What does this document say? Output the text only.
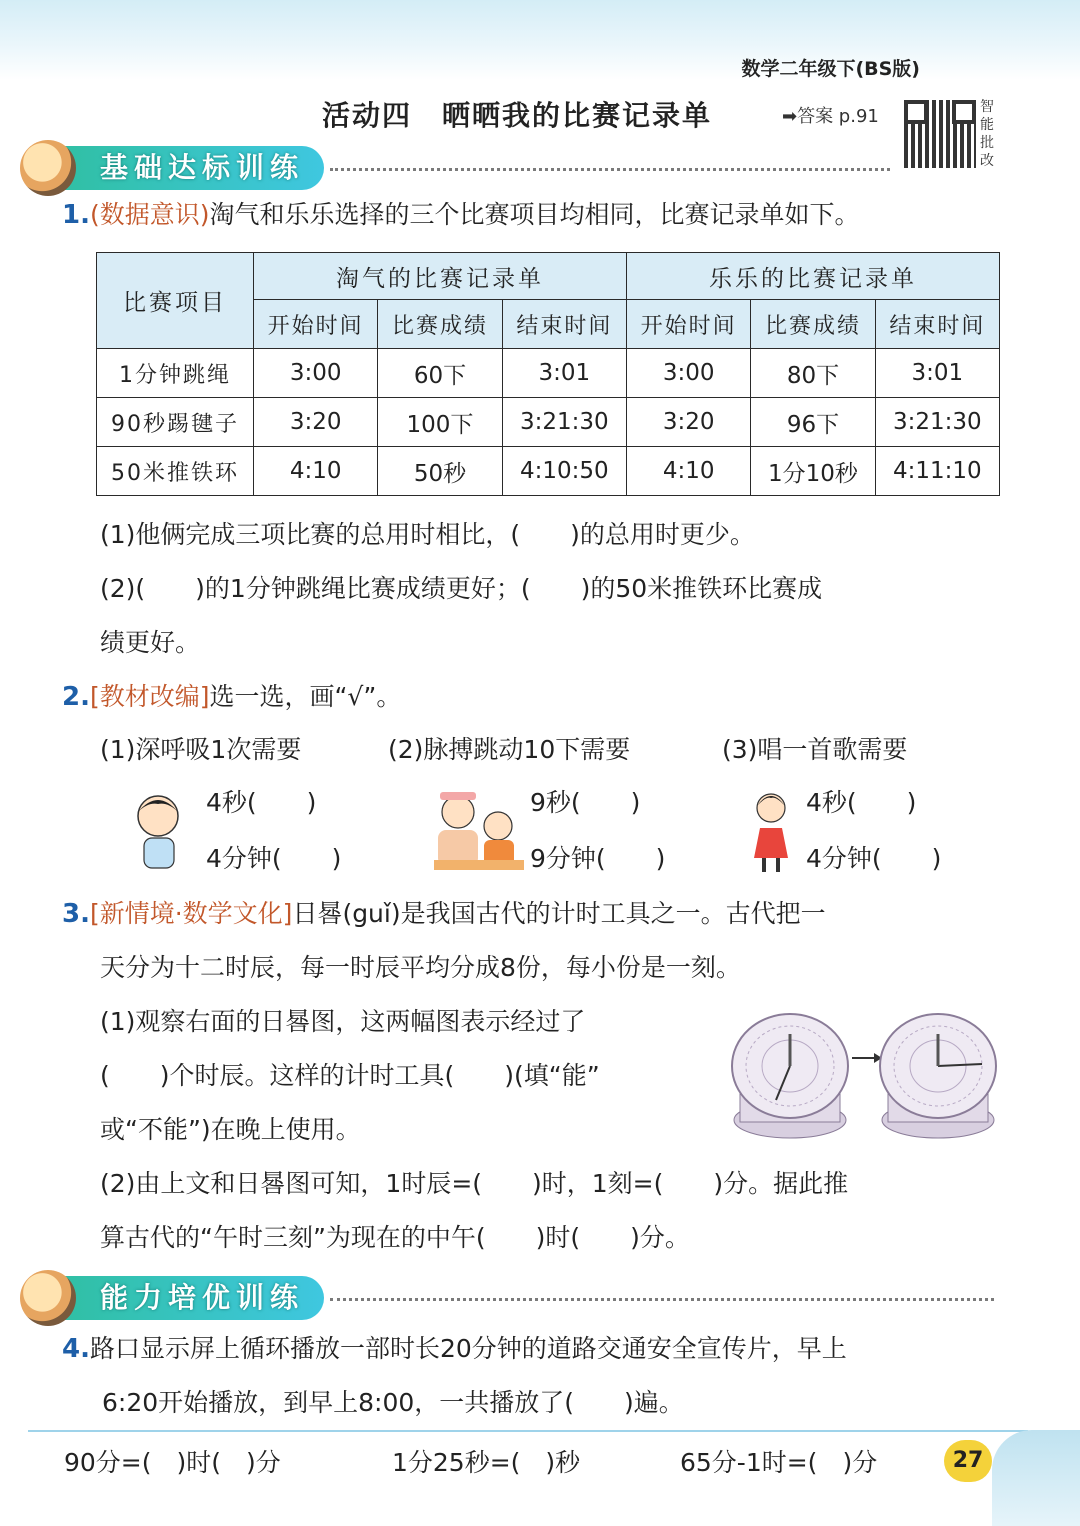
数学二年级下(BS版)
活动四　晒晒我的比赛记录单	➡答案 p.91	智能批改
基础达标训练
1.(数据意识)淘气和乐乐选择的三个比赛项目均相同，比赛记录单如下。
比赛项目	淘气的比赛记录单			乐乐的比赛记录单		
	开始时间	比赛成绩	结束时间	开始时间	比赛成绩	结束时间
1分钟跳绳	3:00	60下	3:01	3:00	80下	3:01
90秒踢毽子	3:20	100下	3:21:30	3:20	96下	3:21:30
50米推铁环	4:10	50秒	4:10:50	4:10	1分10秒	4:11:10
(1)他俩完成三项比赛的总用时相比，(　　)的总用时更少。
(2)(　　)的1分钟跳绳比赛成绩更好；(　　)的50米推铁环比赛成
绩更好。
2.[教材改编]选一选，画“√”。
(1)深呼吸1次需要	(2)脉搏跳动10下需要	(3)唱一首歌需要
4秒(　　)
4分钟(　　)
9秒(　　)
9分钟(　　)
4秒(　　)
4分钟(　　)
3.[新情境·数学文化]日晷(guǐ)是我国古代的计时工具之一。古代把一
天分为十二时辰，每一时辰平均分成8份，每小份是一刻。
(1)观察右面的日晷图，这两幅图表示经过了
(　　)个时辰。这样的计时工具(　　)(填“能”
或“不能”)在晚上使用。
(2)由上文和日晷图可知，1时辰=(　　)时，1刻=(　　)分。据此推
算古代的“午时三刻”为现在的中午(　　)时(　　)分。
能力培优训练
4.路口显示屏上循环播放一部时长20分钟的道路交通安全宣传片，早上
6:20开始播放，到早上8:00，一共播放了(　　)遍。
90分=(　)时(　)分	1分25秒=(　)秒	65分-1时=(　)分	27
